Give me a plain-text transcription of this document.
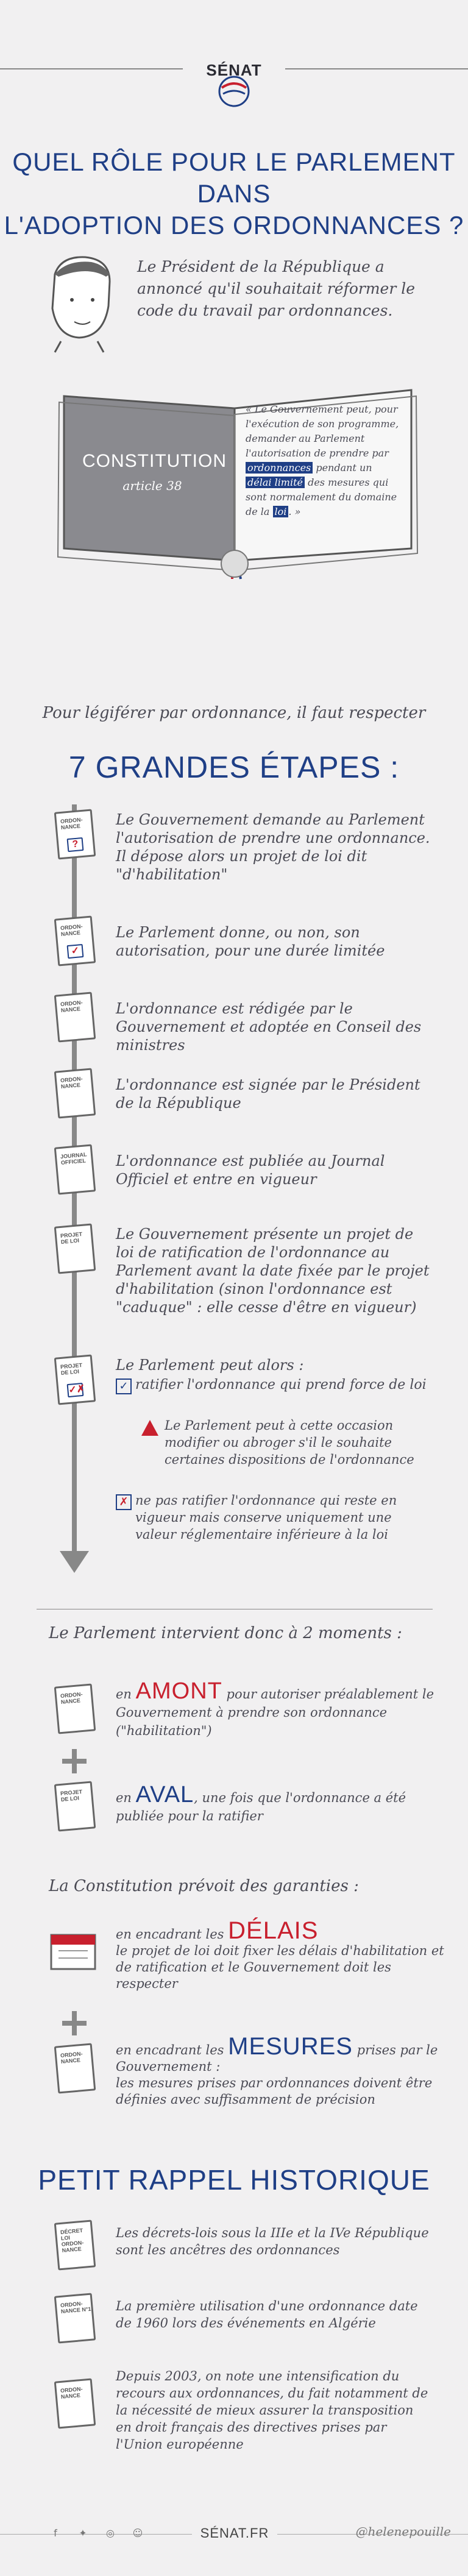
SÉNAT
QUEL RÔLE POUR LE PARLEMENT DANS
L'ADOPTION DES ORDONNANCES ?
Le Président de la République a annoncé qu'il souhaitait réformer le code du travail par ordonnances.
CONSTITUTION
article 38
« Le Gouvernement peut, pour l'exécution de son programme, demander au Parlement l'autorisation de prendre par ordonnances pendant un délai limité des mesures qui sont normalement du domaine de la loi . »
Pour légiférer par ordonnance, il faut respecter
7 GRANDES ÉTAPES :
ORDON-NANCE
?
Le Gouvernement demande au Parlement l'autorisation de prendre une ordonnance. Il dépose alors un projet de loi dit "d'habilitation"
ORDON-NANCE
✓
Le Parlement donne, ou non, son autorisation, pour une durée limitée
ORDON-NANCE	L'ordonnance est rédigée par le Gouvernement et adoptée en Conseil des ministres
ORDON-NANCE	L'ordonnance est signée par le Président de la République
JOURNAL OFFICIEL	L'ordonnance est publiée au Journal Officiel et entre en vigueur
PROJET DE LOI	Le Gouvernement présente un projet de loi de ratification de l'ordonnance au Parlement avant la date fixée par le projet d'habilitation (sinon l'ordonnance est "caduque" : elle cesse d'être en vigueur)
PROJET DE LOI
✓✗
Le Parlement peut alors :
✓ ratifier l'ordonnance qui prend force de loi
Le Parlement peut à cette occasion modifier ou abroger s'il le souhaite certaines dispositions de l'ordonnance
✗ ne pas ratifier l'ordonnance qui reste en vigueur mais conserve uniquement une valeur réglementaire inférieure à la loi
Le Parlement intervient donc à 2 moments :
ORDON-NANCE	en AMONT pour autoriser préalablement le Gouvernement à prendre son ordonnance ("habilitation")
PROJET DE LOI	en AVAL, une fois que l'ordonnance a été publiée pour la ratifier
La Constitution prévoit des garanties :
en encadrant les DÉLAIS
le projet de loi doit fixer les délais d'habilitation et de ratification et le Gouvernement doit les respecter
ORDON-NANCE
en encadrant les MESURES prises par le Gouvernement :
les mesures prises par ordonnances doivent être définies avec suffisamment de précision
PETIT RAPPEL HISTORIQUE
DÉCRET LOI ORDON-NANCE
Les décrets-lois sous la IIIe et la IVe République sont les ancêtres des ordonnances
ORDON-NANCE N°1 La première utilisation d'une ordonnance date de 1960 lors des événements en Algérie
ORDON-NANCE
Depuis 2003, on note une intensification du recours aux ordonnances, du fait notamment de la nécessité de mieux assurer la transposition en droit français des directives prises par l'Union européenne
f	✦ ◎ ☺	SÉNAT.FR	@helenepouille
